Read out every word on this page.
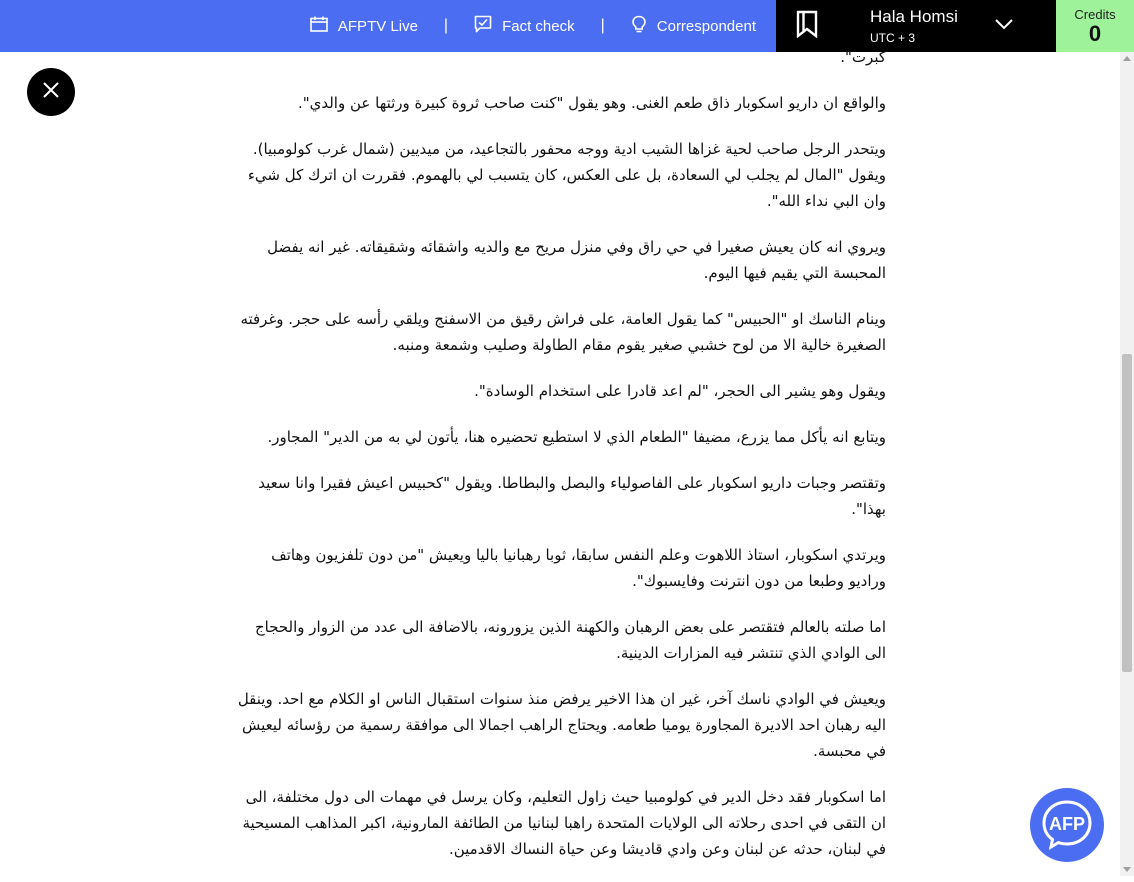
AFPTV Live |	Fact check |	Correspondent	Hala Homsi
UTC + 3
Credits
0

كبرت".

والواقع ان داريو اسكوبار ذاق طعم الغنى. وهو يقول "كنت صاحب ثروة كبيرة ورثتها عن والدي".

ويتحدر الرجل صاحب لحية غزاها الشيب ادية ووجه محفور بالتجاعيد، من ميديين (شمال غرب كولومبيا). ويقول "المال لم يجلب لي السعادة، بل على العكس، كان يتسبب لي بالهموم. فقررت ان اترك كل شيء وان البي نداء الله".

ويروي انه كان يعيش صغيرا في حي راق وفي منزل مريح مع والديه واشقائه وشقيقاته. غير انه يفضل المحبسة التي يقيم فيها اليوم.

وينام الناسك او "الحبيس" كما يقول العامة، على فراش رقيق من الاسفنج ويلقي رأسه على حجر. وغرفته الصغيرة خالية الا من لوح خشبي صغير يقوم مقام الطاولة وصليب وشمعة ومنبه.

ويقول وهو يشير الى الحجر، "لم اعد قادرا على استخدام الوسادة".

ويتابع انه يأكل مما يزرع، مضيفا "الطعام الذي لا استطيع تحضيره هنا، يأتون لي به من الدير" المجاور.

وتقتصر وجبات داريو اسكوبار على الفاصولياء والبصل والبطاطا. ويقول "كحبيس اعيش فقيرا وانا سعيد بهذا".

ويرتدي اسكوبار، استاذ اللاهوت وعلم النفس سابقا، ثوبا رهبانيا باليا ويعيش "من دون تلفزيون وهاتف وراديو وطبعا من دون انترنت وفايسبوك".

اما صلته بالعالم فتقتصر على بعض الرهبان والكهنة الذين يزورونه، بالاضافة الى عدد من الزوار والحجاج الى الوادي الذي تنتشر فيه المزارات الدينية.

ويعيش في الوادي ناسك آخر، غير ان هذا الاخير يرفض منذ سنوات استقبال الناس او الكلام مع احد. وينقل اليه رهبان احد الاديرة المجاورة يوميا طعامه. ويحتاج الراهب اجمالا الى موافقة رسمية من رؤسائه ليعيش في محبسة.

اما اسكوبار فقد دخل الدير في كولومبيا حيث زاول التعليم، وكان يرسل في مهمات الى دول مختلفة، الى ان التقى في احدى رحلاته الى الولايات المتحدة راهبا لبنانيا من الطائفة المارونية، اكبر المذاهب المسيحية في لبنان، حدثه عن لبنان وعن وادي قاديشا وعن حياة النساك الاقدمين.

AFP
